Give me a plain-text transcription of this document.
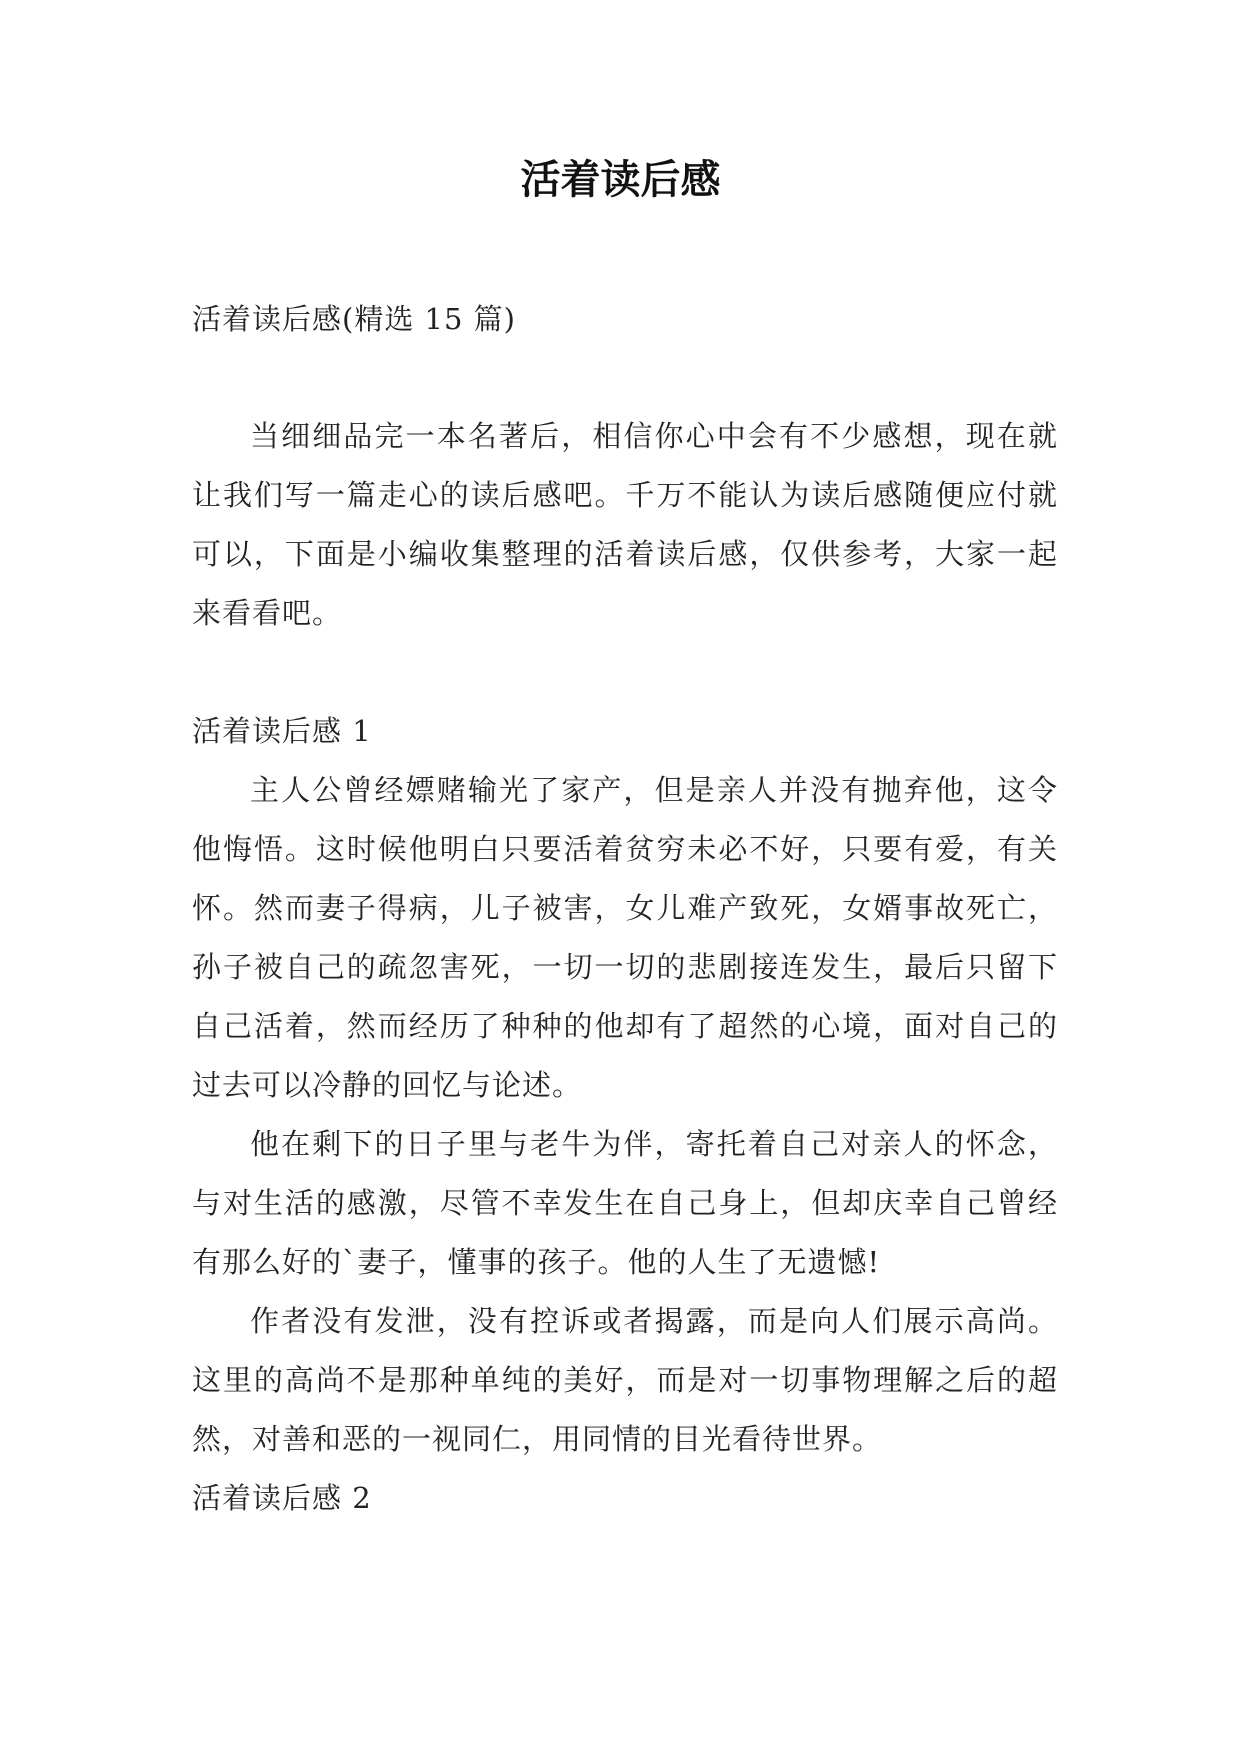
活着读后感

活着读后感(精选 15 篇)

当细细品完一本名著后，相信你心中会有不少感想，现在就让我们写一篇走心的读后感吧。千万不能认为读后感随便应付就可以，下面是小编收集整理的活着读后感，仅供参考，大家一起来看看吧。

活着读后感 1

主人公曾经嫖赌输光了家产，但是亲人并没有抛弃他，这令他悔悟。这时候他明白只要活着贫穷未必不好，只要有爱，有关怀。然而妻子得病，儿子被害，女儿难产致死，女婿事故死亡，孙子被自己的疏忽害死，一切一切的悲剧接连发生，最后只留下自己活着，然而经历了种种的他却有了超然的心境，面对自己的过去可以冷静的回忆与论述。

他在剩下的日子里与老牛为伴，寄托着自己对亲人的怀念，与对生活的感激，尽管不幸发生在自己身上，但却庆幸自己曾经有那么好的`妻子，懂事的孩子。他的人生了无遗憾!

作者没有发泄，没有控诉或者揭露，而是向人们展示高尚。这里的高尚不是那种单纯的美好，而是对一切事物理解之后的超然，对善和恶的一视同仁，用同情的目光看待世界。

活着读后感 2
